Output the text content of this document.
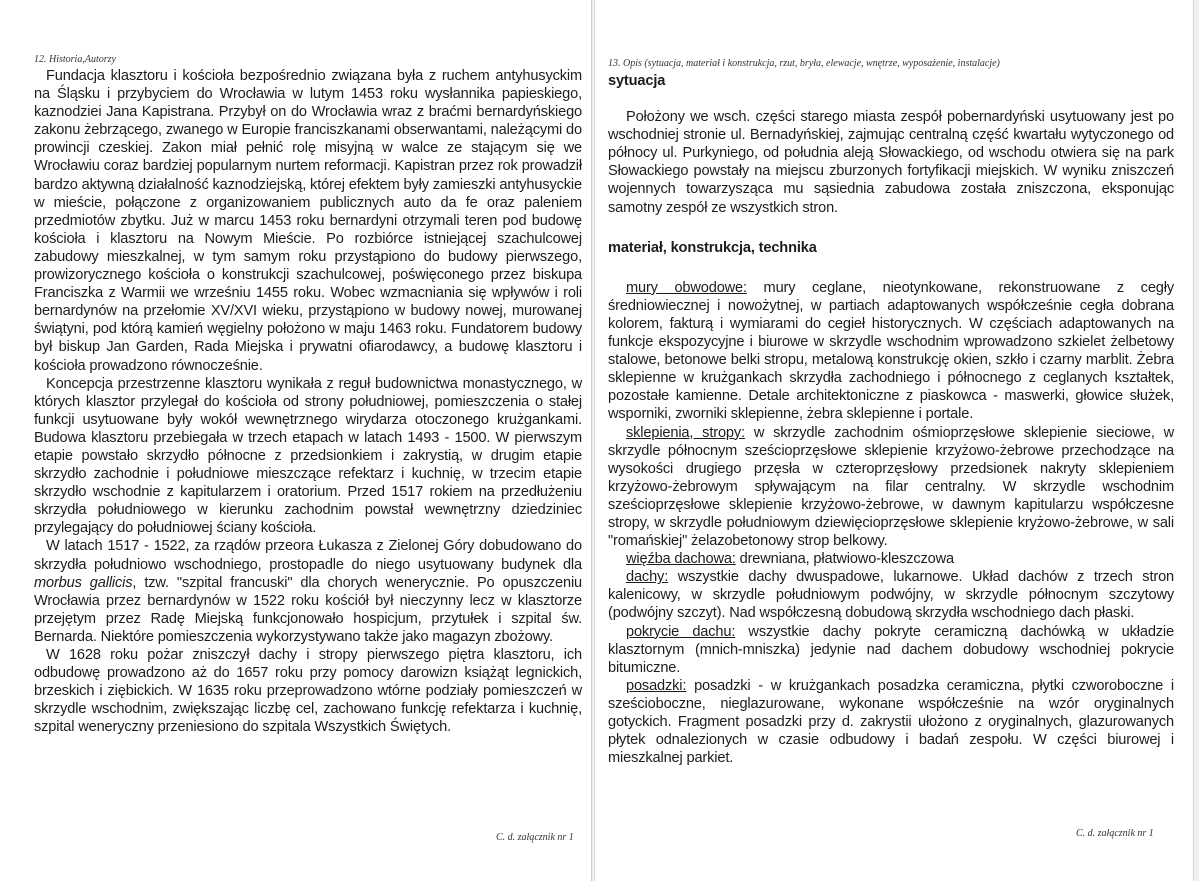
12. Historia,Autorzy

Fundacja klasztoru i kościoła bezpośrednio związana była z ruchem antyhusyckim na Śląsku i przybyciem do Wrocławia w lutym 1453 roku wysłannika papieskiego, kaznodziei Jana Kapistrana. Przybył on do Wrocławia wraz z braćmi bernardyńskiego zakonu żebrzącego, zwanego w Europie franciszkanami obserwantami, należącymi do prowincji czeskiej. Zakon miał pełnić rolę misyjną w walce ze stającym się we Wrocławiu coraz bardziej popularnym nurtem reformacji. Kapistran przez rok prowadził bardzo aktywną działalność kaznodziejską, której efektem były zamieszki antyhusyckie w mieście, połączone z organizowaniem publicznych auto da fe oraz paleniem przedmiotów zbytku. Już w marcu 1453 roku bernardyni otrzymali teren pod budowę kościoła i klasztoru na Nowym Mieście. Po rozbiórce istniejącej szachulcowej zabudowy mieszkalnej, w tym samym roku przystąpiono do budowy pierwszego, prowizorycznego kościoła o konstrukcji szachulcowej, poświęconego przez biskupa Franciszka z Warmii we wrześniu 1455 roku. Wobec wzmacniania się wpływów i roli bernardynów na przełomie XV/XVI wieku, przystąpiono w budowy nowej, murowanej świątyni, pod którą kamień węgielny położono w maju 1463 roku. Fundatorem budowy był biskup Jan Garden, Rada Miejska i prywatni ofiarodawcy, a budowę klasztoru i kościoła prowadzono równocześnie.

Koncepcja przestrzenne klasztoru wynikała z reguł budownictwa monastycznego, w których klasztor przylegał do kościoła od strony południowej, pomieszczenia o stałej funkcji usytuowane były wokół wewnętrznego wirydarza otoczonego krużgankami. Budowa klasztoru przebiegała w trzech etapach w latach 1493 - 1500. W pierwszym etapie powstało skrzydło północne z przedsionkiem i zakrystią, w drugim etapie skrzydło zachodnie i południowe mieszczące refektarz i kuchnię, w trzecim etapie skrzydło wschodnie z kapitularzem i oratorium. Przed 1517 rokiem na przedłużeniu skrzydła południowego w kierunku zachodnim powstał wewnętrzny dziedziniec przylegający do południowej ściany kościoła.

W latach 1517 - 1522, za rządów przeora Łukasza z Zielonej Góry dobudowano do skrzydła południowo wschodniego, prostopadle do niego usytuowany budynek dla morbus gallicis, tzw. "szpital francuski" dla chorych wenerycznie. Po opuszczeniu Wrocławia przez bernardynów w 1522 roku kościół był nieczynny lecz w klasztorze przejętym przez Radę Miejską funkcjonowało hospicjum, przytułek i szpital św. Bernarda. Niektóre pomieszczenia wykorzystywano także jako magazyn zbożowy.

W 1628 roku pożar zniszczył dachy i stropy pierwszego piętra klasztoru, ich odbudowę prowadzono aż do 1657 roku przy pomocy darowizn książąt legnickich, brzeskich i ziębickich. W 1635 roku przeprowadzono wtórne podziały pomieszczeń w skrzydle wschodnim, zwiększając liczbę cel, zachowano funkcję refektarza i kuchnię, szpital weneryczny przeniesiono do szpitala Wszystkich Świętych.

C. d. załącznik nr 1
13. Opis (sytuacja, materiał i konstrukcja, rzut, bryła, elewacje, wnętrze, wyposażenie, instalacje)

sytuacja

Położony we wsch. części starego miasta zespół pobernardyński usytuowany jest po wschodniej stronie ul. Bernadyńskiej, zajmując centralną część kwartału wytyczonego od północy ul. Purkyniego, od południa aleją Słowackiego, od wschodu otwiera się na park Słowackiego powstały na miejscu zburzonych fortyfikacji miejskich. W wyniku zniszczeń wojennych towarzysząca mu sąsiednia zabudowa została zniszczona, eksponując samotny zespół ze wszystkich stron.

materiał, konstrukcja, technika

mury obwodowe: mury ceglane, nieotynkowane, rekonstruowane z cegły średniowiecznej i nowożytnej, w partiach adaptowanych współcześnie cegła dobrana kolorem, fakturą i wymiarami do cegieł historycznych. W częściach adaptowanych na funkcje ekspozycyjne i biurowe w skrzydle wschodnim wprowadzono szkielet żelbetowy stalowe, betonowe belki stropu, metalową konstrukcję okien, szkło i czarny marblit. Żebra sklepienne w krużgankach skrzydła zachodniego i północnego z ceglanych kształtek, pozostałe kamienne. Detale architektoniczne z piaskowca - maswerki, głowice służek, wsporniki, zworniki sklepienne, żebra sklepienne i portale.

sklepienia, stropy: w skrzydle zachodnim ośmioprzęsłowe sklepienie sieciowe, w skrzydle północnym sześcioprzęsłowe sklepienie krzyżowo-żebrowe przechodzące na wysokości drugiego przęsła w czteroprzęsłowy przedsionek nakryty sklepieniem krzyżowo-żebrowym spływającym na filar centralny. W skrzydle wschodnim sześcioprzęsłowe sklepienie krzyżowo-żebrowe, w dawnym kapitularzu współczesne stropy, w skrzydle południowym dziewięcioprzęsłowe sklepienie kryżowo-żebrowe, w sali "romańskiej" żelazobetonowy strop belkowy.

więźba dachowa: drewniana, płatwiowo-kleszczowa

dachy: wszystkie dachy dwuspadowe, lukarnowe. Układ dachów z trzech stron kalenicowy, w skrzydle południowym podwójny, w skrzydle północnym szczytowy (podwójny szczyt). Nad współczesną dobudową skrzydła wschodniego dach płaski.

pokrycie dachu: wszystkie dachy pokryte ceramiczną dachówką w układzie klasztornym (mnich-mniszka) jedynie nad dachem dobudowy wschodniej pokrycie bitumiczne.

posadzki: posadzki - w krużgankach posadzka ceramiczna, płytki czworoboczne i sześcioboczne, nieglazurowane, wykonane współcześnie na wzór oryginalnych gotyckich. Fragment posadzki przy d. zakrystii ułożono z oryginalnych, glazurowanych płytek odnalezionych w czasie odbudowy i badań zespołu. W części biurowej i mieszkalnej parkiet.

C. d. załącznik nr 1
